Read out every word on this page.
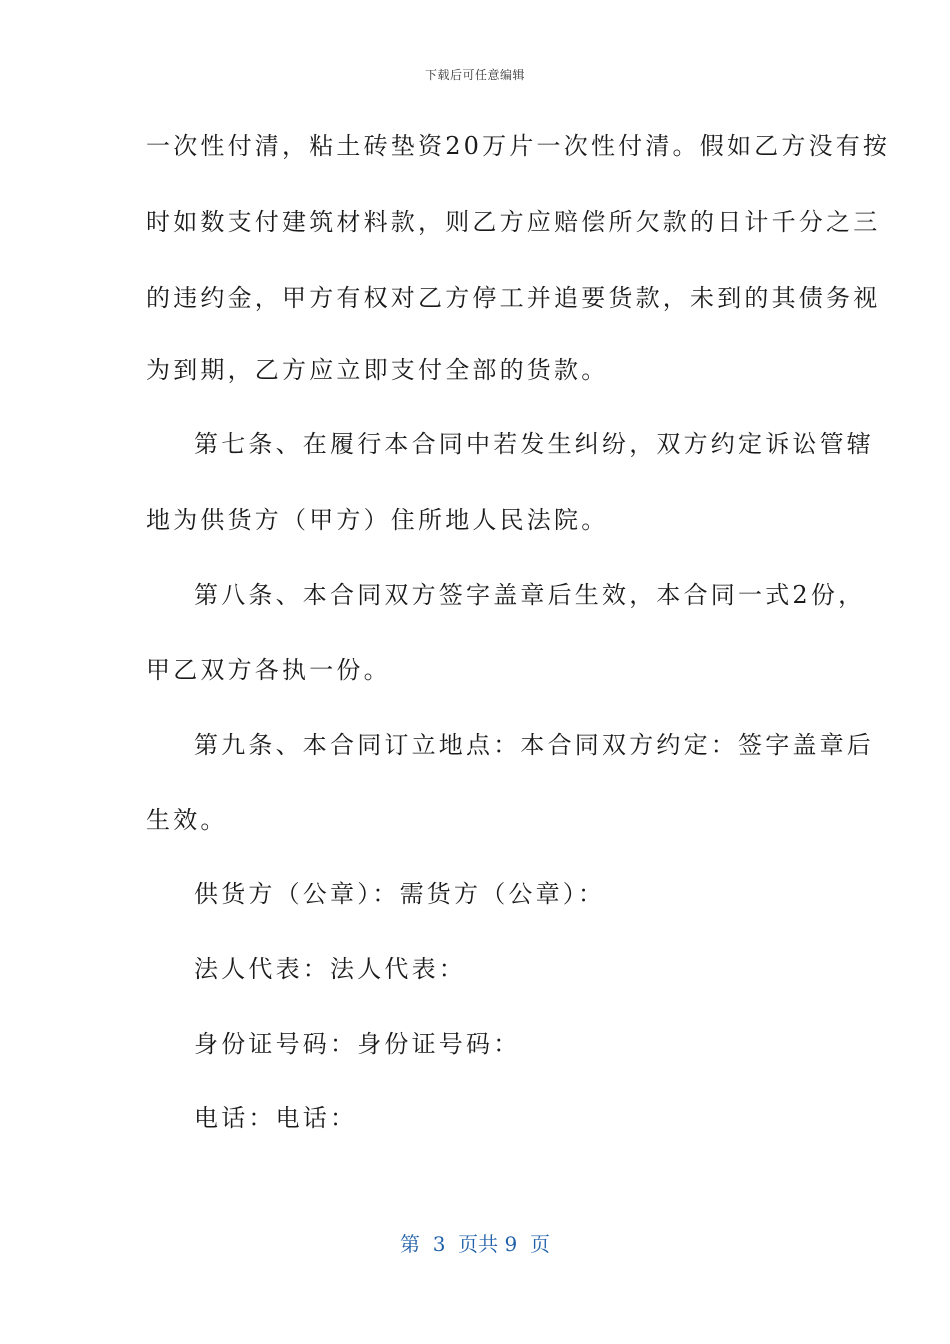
下载后可任意编辑
一次性付清，粘土砖垫资20万片一次性付清。假如乙方没有按
时如数支付建筑材料款，则乙方应赔偿所欠款的日计千分之三
的违约金，甲方有权对乙方停工并追要货款，未到的其债务视
为到期，乙方应立即支付全部的货款。
第七条、在履行本合同中若发生纠纷，双方约定诉讼管辖
地为供货方（甲方）住所地人民法院。
第八条、本合同双方签字盖章后生效，本合同一式2份，
甲乙双方各执一份。
第九条、本合同订立地点：本合同双方约定：签字盖章后
生效。
供货方（公章）：需货方（公章）：
法人代表：法人代表：
身份证号码：身份证号码：
电话：电话：
第  3  页共 9  页
